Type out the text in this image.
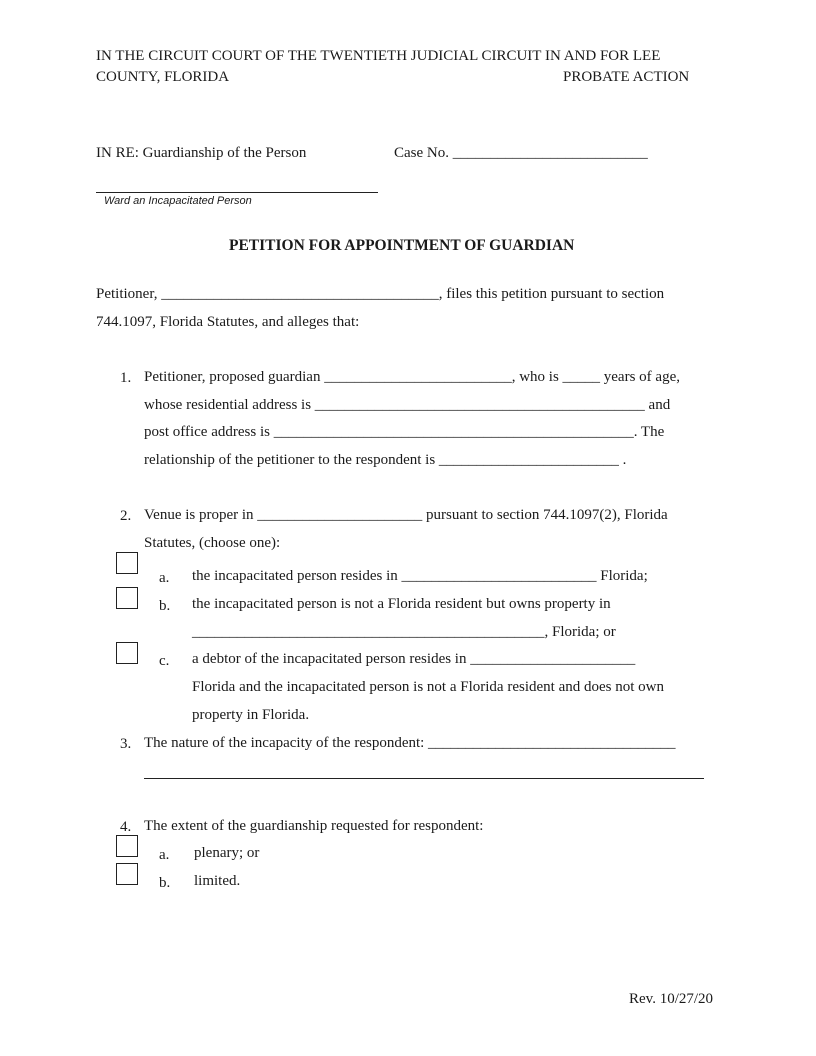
IN THE CIRCUIT COURT OF THE TWENTIETH JUDICIAL CIRCUIT IN AND FOR LEE
COUNTY, FLORIDA	PROBATE ACTION
IN RE: Guardianship of the Person	Case No. __________________________
Ward an Incapacitated Person
PETITION FOR APPOINTMENT OF GUARDIAN
Petitioner, _____________________________________, files this petition pursuant to section
744.1097, Florida Statutes, and alleges that:
1. Petitioner, proposed guardian _________________________, who is _____ years of age,
whose residential address is ____________________________________________ and
post office address is ________________________________________________. The
relationship of the petitioner to the respondent is ________________________ .
2. Venue is proper in ______________________ pursuant to section 744.1097(2), Florida
Statutes, (choose one):
a. the incapacitated person resides in __________________________ Florida;
b. the incapacitated person is not a Florida resident but owns property in
_______________________________________________, Florida; or
c. a debtor of the incapacitated person resides in ______________________
Florida and the incapacitated person is not a Florida resident and does not own
property in Florida.
3. The nature of the incapacity of the respondent: _________________________________
4. The extent of the guardianship requested for respondent:
a. plenary; or
b. limited.
Rev. 10/27/20
